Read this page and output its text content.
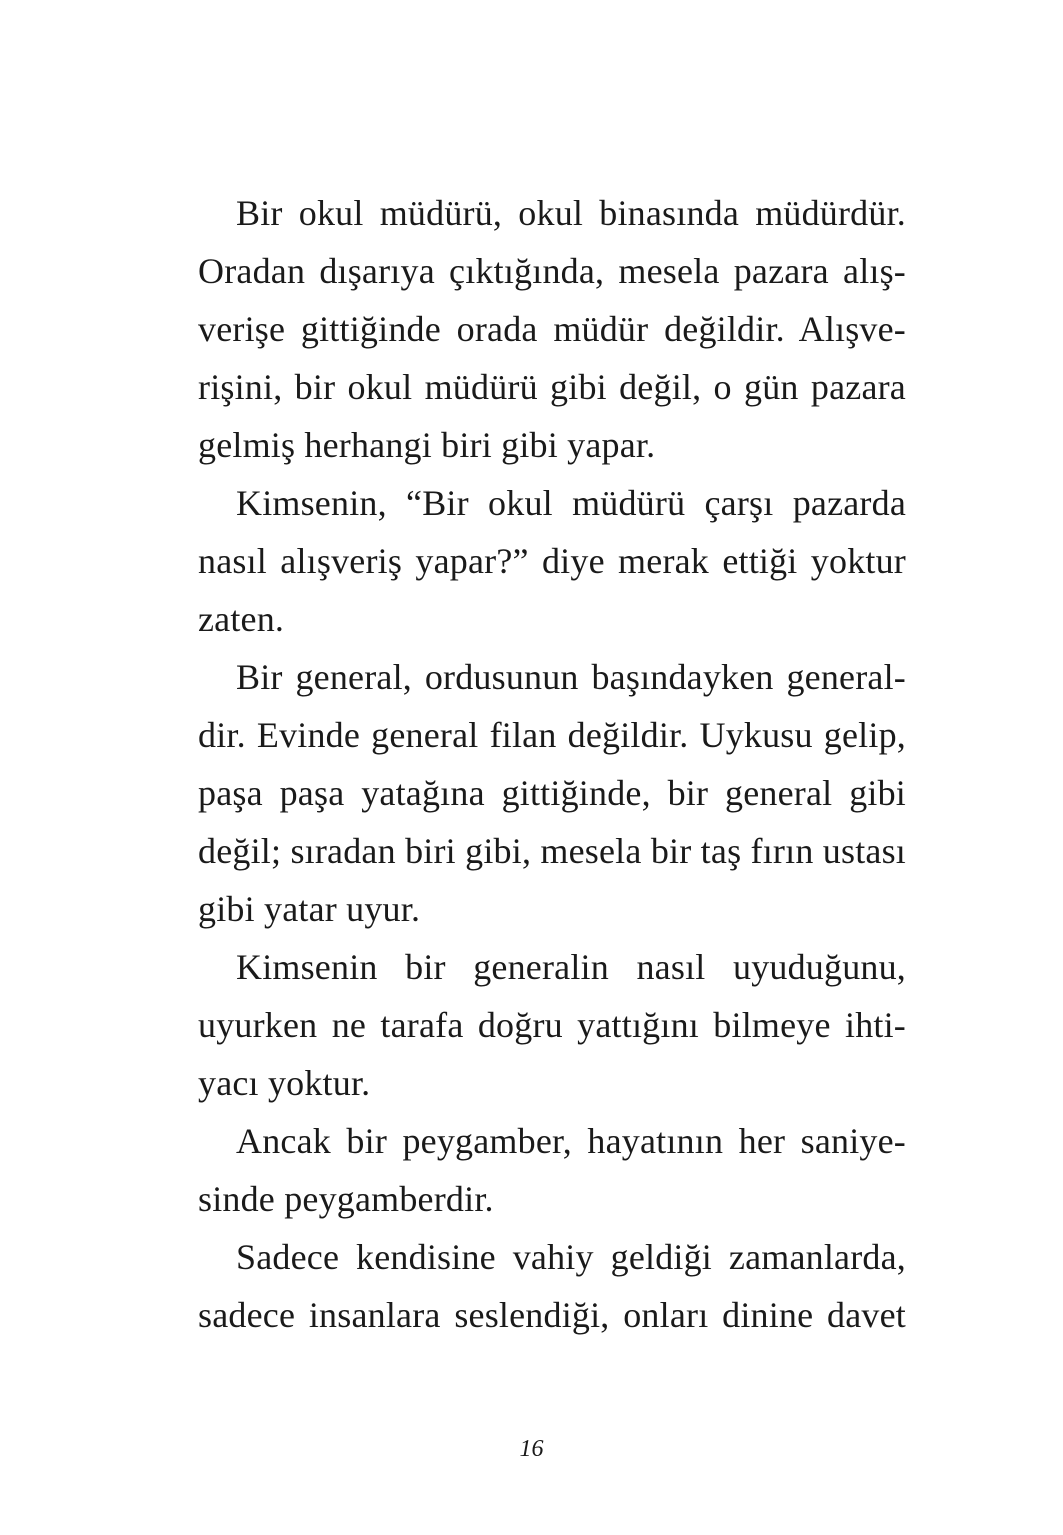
Bir okul müdürü, okul binasında müdürdür.
Oradan dışarıya çıktığında, mesela pazara alış-
verişe gittiğinde orada müdür değildir. Alışve-
rişini, bir okul müdürü gibi değil, o gün pazara
gelmiş herhangi biri gibi yapar.
Kimsenin, “Bir okul müdürü çarşı pazarda
nasıl alışveriş yapar?” diye merak ettiği yoktur
zaten.
Bir general, ordusunun başındayken general-
dir. Evinde general filan değildir. Uykusu gelip,
paşa paşa yatağına gittiğinde, bir general gibi
değil; sıradan biri gibi, mesela bir taş fırın ustası
gibi yatar uyur.
Kimsenin bir generalin nasıl uyuduğunu,
uyurken ne tarafa doğru yattığını bilmeye ihti-
yacı yoktur.
Ancak bir peygamber, hayatının her saniye-
sinde peygamberdir.
Sadece kendisine vahiy geldiği zamanlarda,
sadece insanlara seslendiği, onları dinine davet
16
